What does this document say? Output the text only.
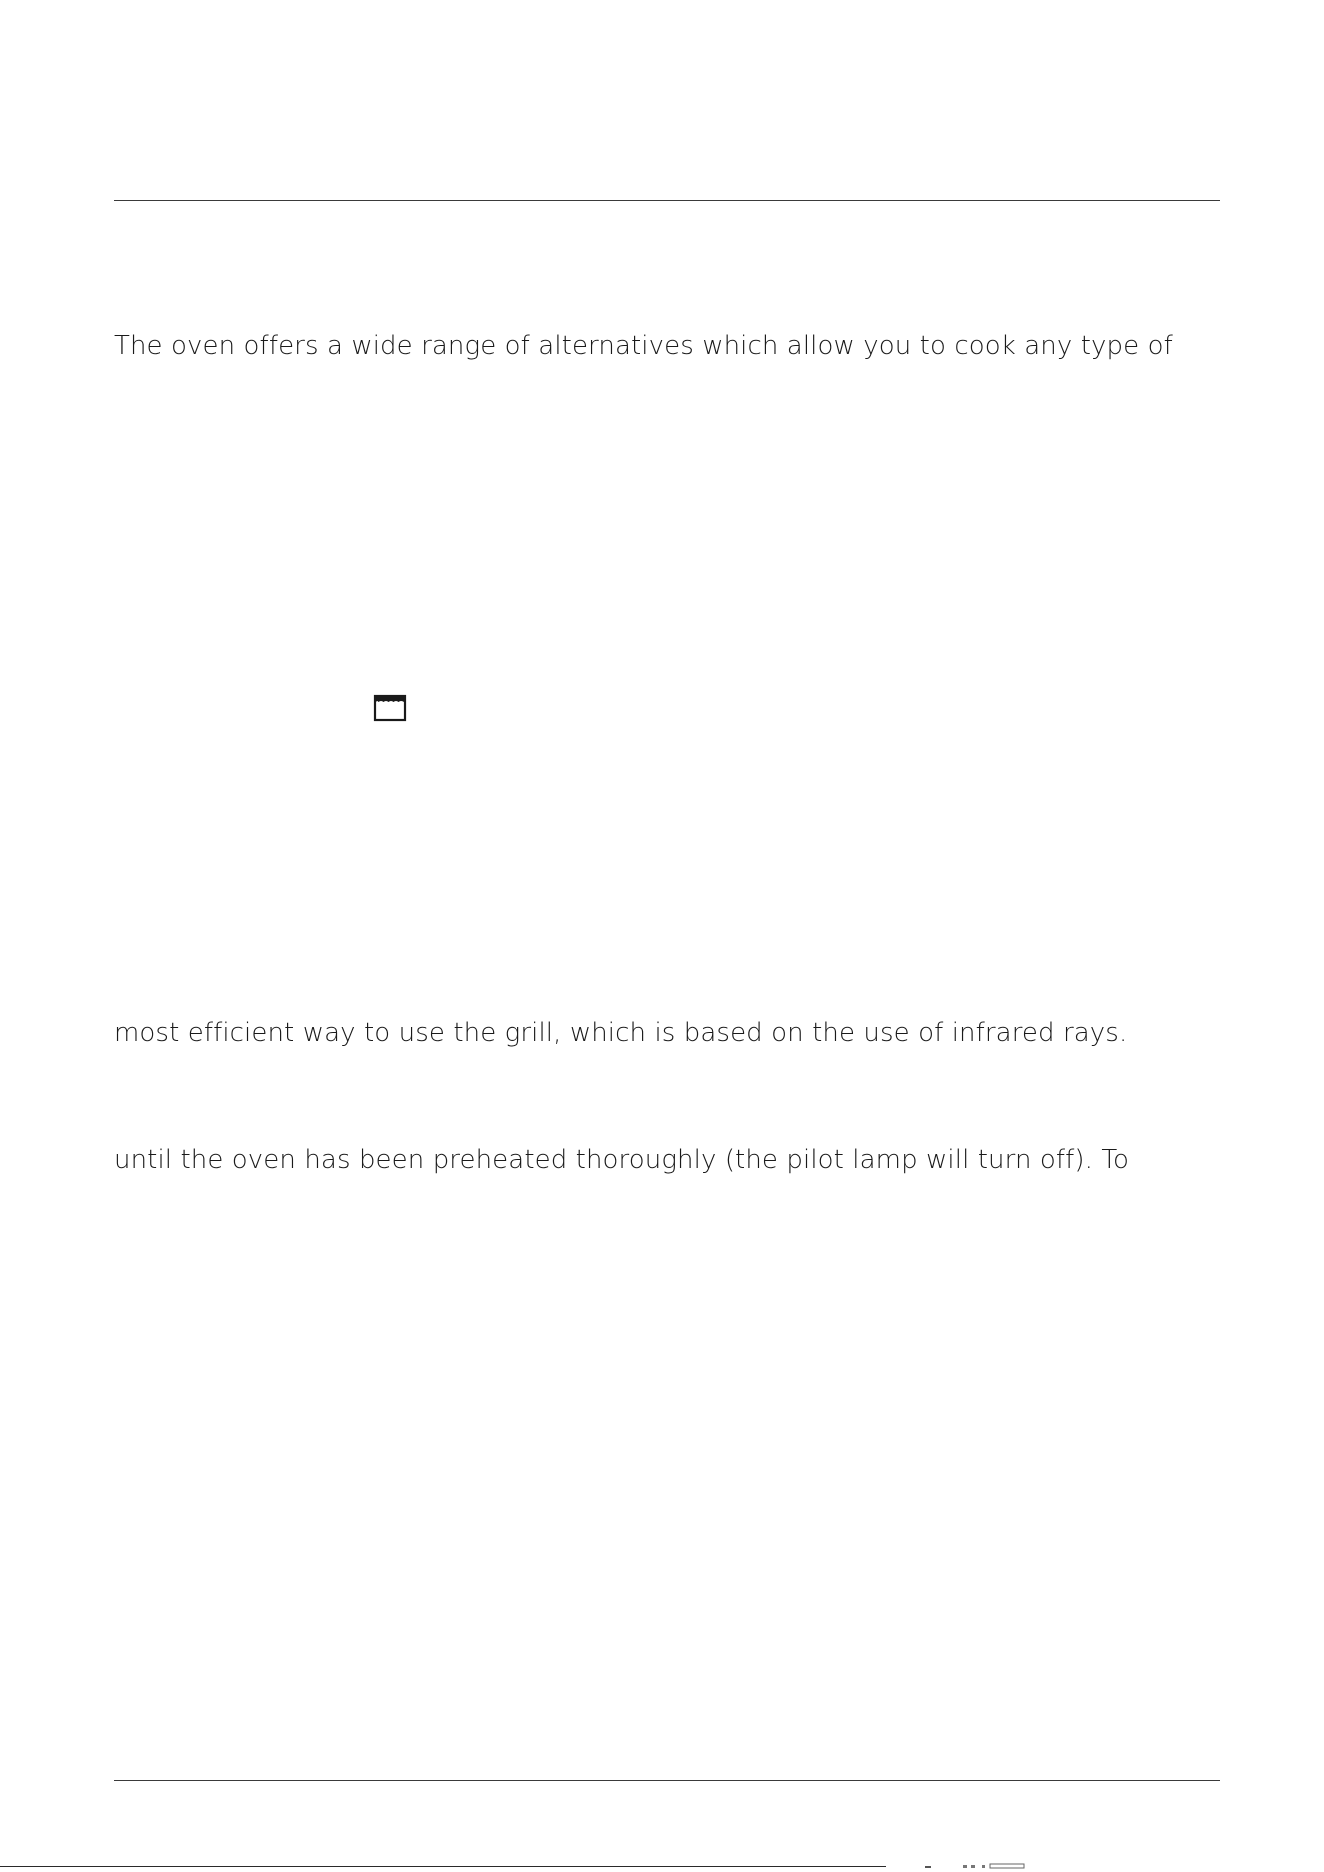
The oven offers a wide range of alternatives which allow you to cook any type of
most efficient way to use the grill, which is based on the use of infrared rays.
until the oven has been preheated thoroughly (the pilot lamp will turn off). To
